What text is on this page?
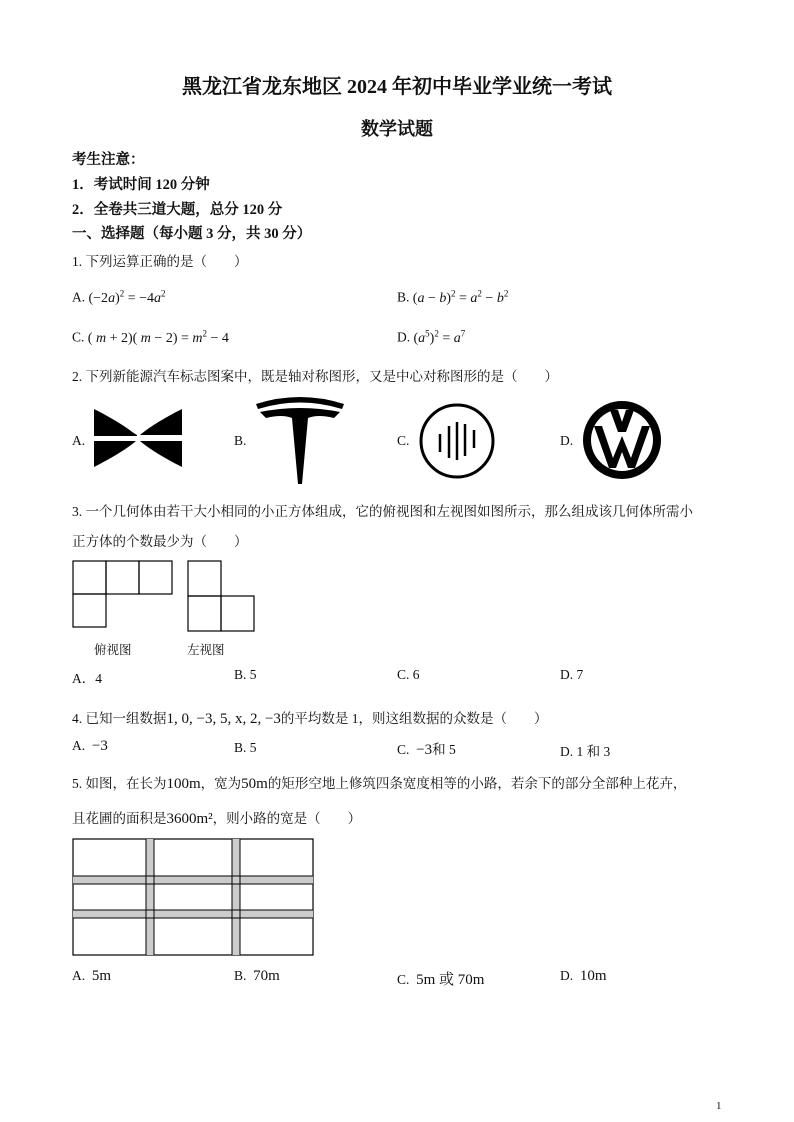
黑龙江省龙东地区 2024 年初中毕业学业统一考试
数学试题
考生注意：
1．考试时间 120 分钟
2．全卷共三道大题，总分 120 分
一、选择题（每小题 3 分，共 30 分）
1. 下列运算正确的是（　　）
A. $(-2a)^2 = -4a^2$	B. $(a - b)^2 = a^2 - b^2$
C. ( m + 2)( $m - 2) = m^2 - 4$	D. $(a^5)^2 = a^7$
2. 下列新能源汽车标志图案中，既是轴对称图形，又是中心对称图形的是（　　）
A.	B.	C.	D.
3. 一个几何体由若干大小相同的小正方体组成，它的俯视图和左视图如图所示，那么组成该几何体所需小
正方体的个数最少为（　　）
俯视图	左视图
A．4	B. 5	C. 6	D. 7
4. 已知一组数据1, 0, −3, 5, x, 2, −3的平均数是 1，则这组数据的众数是（　　）
A. −3	B. 5	C. −3和 5	D. 1 和 3
5. 如图，在长为100m，宽为50m的矩形空地上修筑四条宽度相等的小路，若余下的部分全部种上花卉，
且花圃的面积是3600m²，则小路的宽是（　　）
A. 5m	B. 70m	C. 5m 或 70m	D. 10m
1
